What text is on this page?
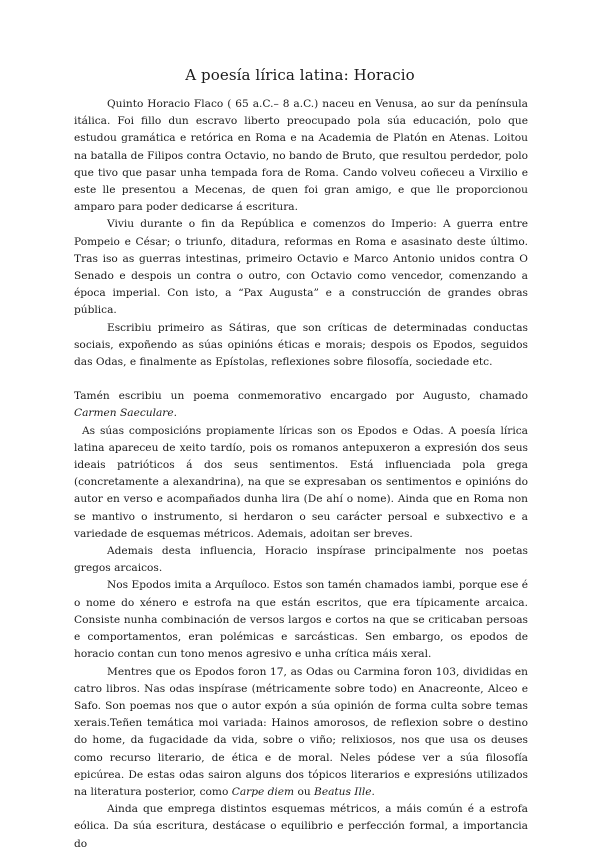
A poesía lírica latina: Horacio

Quinto Horacio Flaco ( 65 a.C.– 8 a.C.) naceu en Venusa, ao sur da península itálica. Foi fillo dun escravo liberto preocupado pola súa educación, polo que estudou gramática e retórica en Roma e na Academia de Platón en Atenas. Loitou na batalla de Filipos contra Octavio, no bando de Bruto, que resultou perdedor, polo que tivo que pasar unha tempada fora de Roma. Cando volveu coñeceu a Virxilio e este lle presentou a Mecenas, de quen foi gran amigo, e que lle proporcionou amparo para poder dedicarse á escritura.

Viviu durante o fin da República e comenzos do Imperio: A guerra entre Pompeio e César; o triunfo, ditadura, reformas en Roma e asasinato deste último. Tras iso as guerras intestinas, primeiro Octavio e Marco Antonio unidos contra O Senado e despois un contra o outro, con Octavio como vencedor, comenzando a época imperial. Con isto, a “Pax Augusta” e a construcción de grandes obras pública.

Escribiu primeiro as Sátiras, que son críticas de determinadas conductas sociais, expoñendo as súas opinións éticas e morais; despois os Epodos, seguidos das Odas, e finalmente as Epístolas, reflexiones sobre filosofía, sociedade etc.

Tamén escribiu un poema conmemorativo encargado por Augusto, chamado Carmen Saeculare.

As súas composicións propiamente líricas son os Epodos e Odas. A poesía lírica latina apareceu de xeito tardío, pois os romanos antepuxeron a expresión dos seus ideais patrióticos á dos seus sentimentos. Está influenciada pola grega (concretamente a alexandrina), na que se expresaban os sentimentos e opinións do autor en verso e acompañados dunha lira (De ahí o nome). Ainda que en Roma non se mantivo o instrumento, si herdaron o seu carácter persoal e subxectivo e a variedade de esquemas métricos. Ademais, adoitan ser breves.

Ademais desta influencia, Horacio inspírase principalmente nos poetas gregos arcaicos.

Nos Epodos imita a Arquíloco. Estos son tamén chamados iambi, porque ese é o nome do xénero e estrofa na que están escritos, que era típicamente arcaica. Consiste nunha combinación de versos largos e cortos na que se criticaban persoas e comportamentos, eran polémicas e sarcásticas. Sen embargo, os epodos de horacio contan cun tono menos agresivo e unha crítica máis xeral.

Mentres que os Epodos foron 17, as Odas ou Carmina foron 103, divididas en catro libros. Nas odas inspírase (métricamente sobre todo) en Anacreonte, Alceo e Safo. Son poemas nos que o autor expón a súa opinión de forma culta sobre temas xerais.Teñen temática moi variada: Hainos amorosos, de reflexion sobre o destino do home, da fugacidade da vida, sobre o viño; relixiosos, nos que usa os deuses como recurso literario, de ética e de moral. Neles pódese ver a súa filosofía epicúrea. De estas odas sairon alguns dos tópicos literarios e expresións utilizados na literatura posterior, como Carpe diem ou Beatus Ille.

Ainda que emprega distintos esquemas métricos, a máis común é a estrofa eólica. Da súa escritura, destácase o equilibrio e perfección formal, a importancia do
